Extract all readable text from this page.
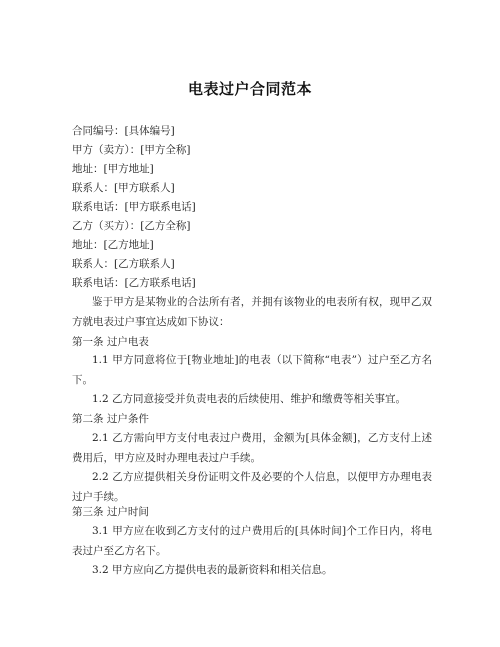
电表过户合同范本
合同编号：[具体编号]
甲方（卖方）：[甲方全称]
地址：[甲方地址]
联系人：[甲方联系人]
联系电话：[甲方联系电话]
乙方（买方）：[乙方全称]
地址：[乙方地址]
联系人：[乙方联系人]
联系电话：[乙方联系电话]
鉴于甲方是某物业的合法所有者，并拥有该物业的电表所有权，现甲乙双方就电表过户事宜达成如下协议：
第一条 过户电表
1.1 甲方同意将位于[物业地址]的电表（以下简称“电表”）过户至乙方名下。
1.2 乙方同意接受并负责电表的后续使用、维护和缴费等相关事宜。
第二条 过户条件
2.1 乙方需向甲方支付电表过户费用，金额为[具体金额]，乙方支付上述费用后，甲方应及时办理电表过户手续。
2.2 乙方应提供相关身份证明文件及必要的个人信息，以便甲方办理电表过户手续。
第三条 过户时间
3.1 甲方应在收到乙方支付的过户费用后的[具体时间]个工作日内，将电表过户至乙方名下。
3.2 甲方应向乙方提供电表的最新资料和相关信息。
